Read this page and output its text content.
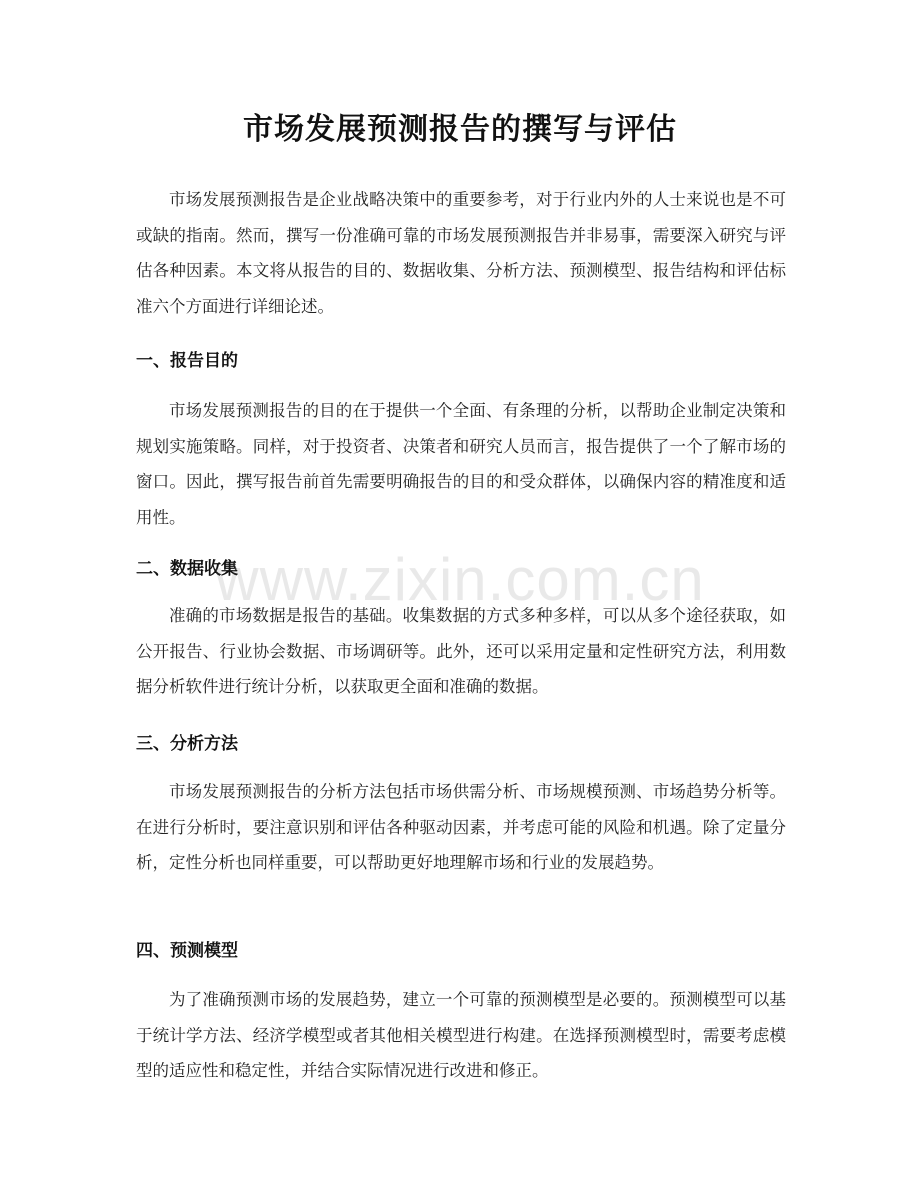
市场发展预测报告的撰写与评估

市场发展预测报告是企业战略决策中的重要参考，对于行业内外的人士来说也是不可或缺的指南。然而，撰写一份准确可靠的市场发展预测报告并非易事，需要深入研究与评估各种因素。本文将从报告的目的、数据收集、分析方法、预测模型、报告结构和评估标准六个方面进行详细论述。

一、报告目的

市场发展预测报告的目的在于提供一个全面、有条理的分析，以帮助企业制定决策和规划实施策略。同样，对于投资者、决策者和研究人员而言，报告提供了一个了解市场的窗口。因此，撰写报告前首先需要明确报告的目的和受众群体，以确保内容的精准度和适用性。

二、数据收集

准确的市场数据是报告的基础。收集数据的方式多种多样，可以从多个途径获取，如公开报告、行业协会数据、市场调研等。此外，还可以采用定量和定性研究方法，利用数据分析软件进行统计分析，以获取更全面和准确的数据。

三、分析方法

市场发展预测报告的分析方法包括市场供需分析、市场规模预测、市场趋势分析等。在进行分析时，要注意识别和评估各种驱动因素，并考虑可能的风险和机遇。除了定量分析，定性分析也同样重要，可以帮助更好地理解市场和行业的发展趋势。

四、预测模型

为了准确预测市场的发展趋势，建立一个可靠的预测模型是必要的。预测模型可以基于统计学方法、经济学模型或者其他相关模型进行构建。在选择预测模型时，需要考虑模型的适应性和稳定性，并结合实际情况进行改进和修正。

www.zixin.com.cn
